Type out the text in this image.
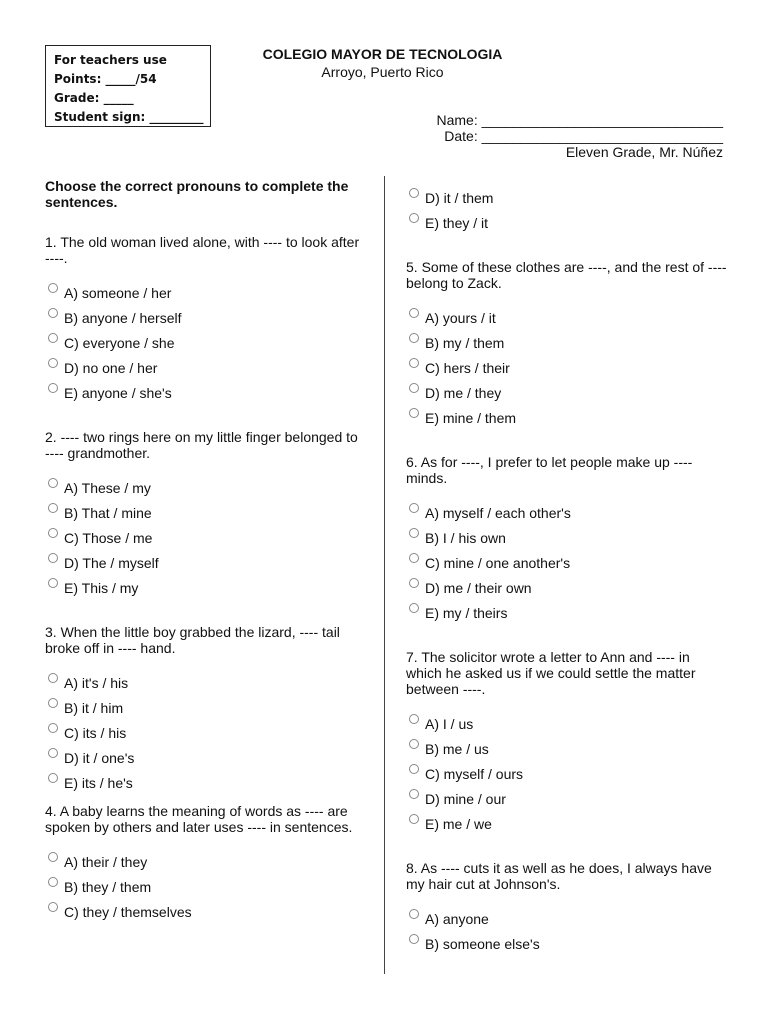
For teachers use
Points: _____/54
Grade: _____
Student sign: _________
COLEGIO MAYOR DE TECNOLOGIA
Arroyo, Puerto Rico
Name: _______________________________
Date: _______________________________
Eleven Grade, Mr. Núñez
Choose the correct pronouns to complete the sentences.
1. The old woman lived alone, with ---- to look after ----.
A) someone / her
B) anyone / herself
C) everyone / she
D) no one / her
E) anyone / she's
2. ---- two rings here on my little finger belonged to ---- grandmother.
A) These / my
B) That / mine
C) Those / me
D) The / myself
E) This / my
3. When the little boy grabbed the lizard, ---- tail broke off in ---- hand.
A) it's / his
B) it / him
C) its / his
D) it / one's
E) its / he's
4. A baby learns the meaning of words as ---- are spoken by others and later uses ---- in sentences.
A) their / they
B) they / them
C) they / themselves
D) it / them
E) they / it
5. Some of these clothes are ----, and the rest of ---- belong to Zack.
A) yours / it
B) my / them
C) hers / their
D) me / they
E) mine / them
6. As for ----, I prefer to let people make up ---- minds.
A) myself / each other's
B) I / his own
C) mine / one another's
D) me / their own
E) my / theirs
7. The solicitor wrote a letter to Ann and ---- in which he asked us if we could settle the matter between ----.
A) I / us
B) me / us
C) myself / ours
D) mine / our
E) me / we
8. As ---- cuts it as well as he does, I always have my hair cut at Johnson's.
A) anyone
B) someone else's
